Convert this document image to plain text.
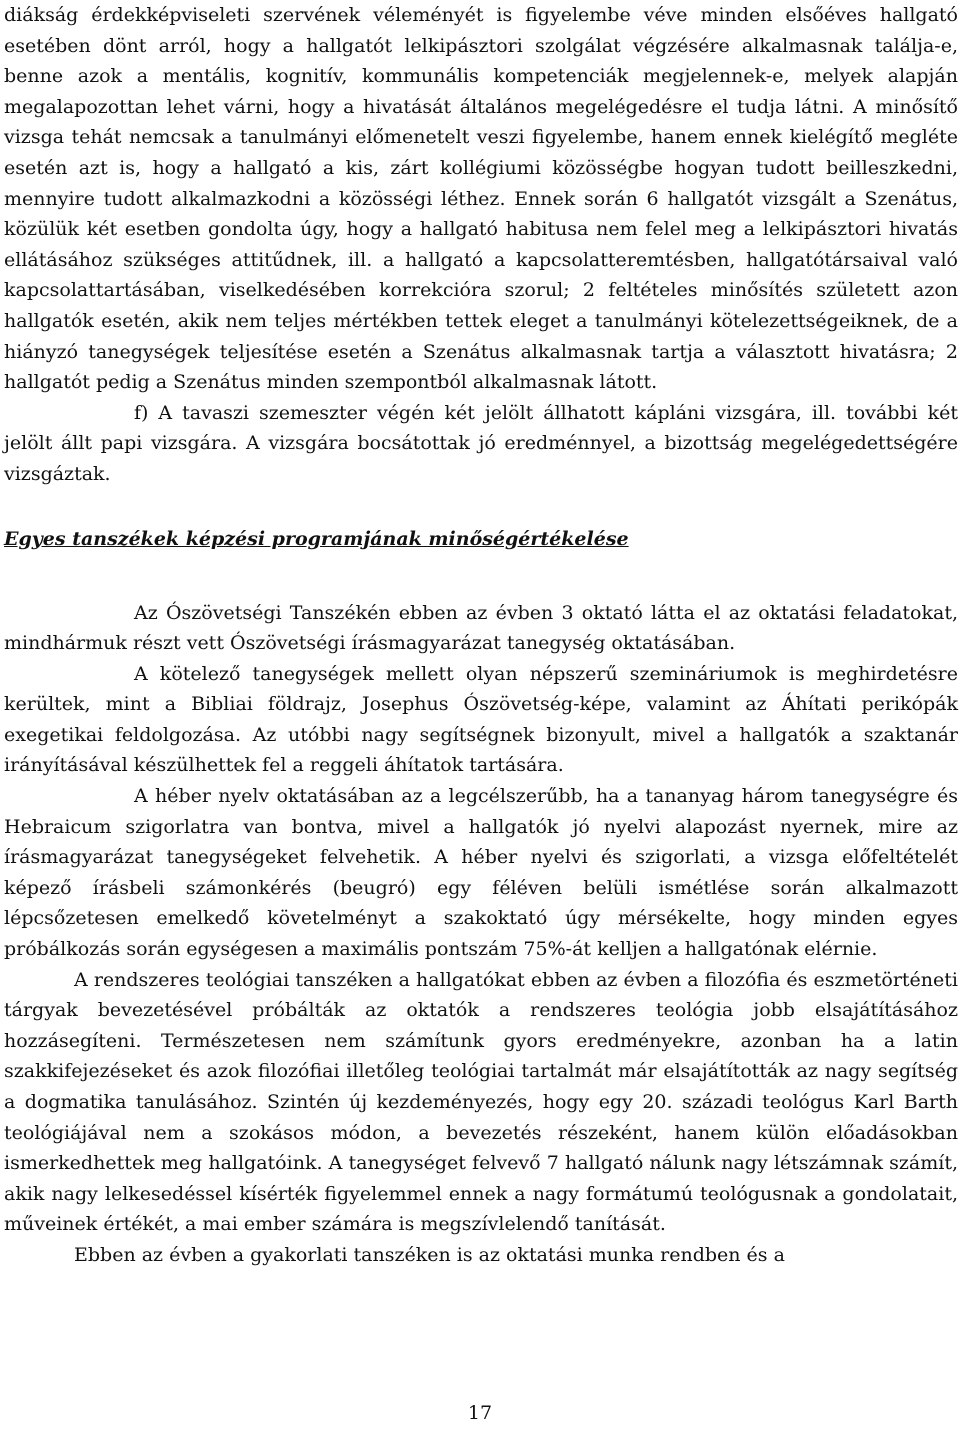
diákság érdekképviseleti szervének véleményét is figyelembe véve minden elsőéves hallgató esetében dönt arról, hogy a hallgatót lelkipásztori szolgálat végzésére alkalmasnak találja-e, benne azok a mentális, kognitív, kommunális kompetenciák megjelennek-e, melyek alapján megalapozottan lehet várni, hogy a hivatását általános megelégedésre el tudja látni. A minősítő vizsga tehát nemcsak a tanulmányi előmenetelt veszi figyelembe, hanem ennek kielégítő megléte esetén azt is, hogy a hallgató a kis, zárt kollégiumi közösségbe hogyan tudott beilleszkedni, mennyire tudott alkalmazkodni a közösségi léthez. Ennek során 6 hallgatót vizsgált a Szenátus, közülük két esetben gondolta úgy, hogy a hallgató habitusa nem felel meg a lelkipásztori hivatás ellátásához szükséges attitűdnek, ill. a hallgató a kapcsolatteremtésben, hallgatótársaival való kapcsolattartásában, viselkedésében korrekcióra szorul; 2 feltételes minősítés született azon hallgatók esetén, akik nem teljes mértékben tettek eleget a tanulmányi kötelezettségeiknek, de a hiányzó tanegységek teljesítése esetén a Szenátus alkalmasnak tartja a választott hivatásra; 2 hallgatót pedig a Szenátus minden szempontból alkalmasnak látott.

f) A tavaszi szemeszter végén két jelölt állhatott kápláni vizsgára, ill. további két jelölt állt papi vizsgára. A vizsgára bocsátottak jó eredménnyel, a bizottság megelégedettségére vizsgáztak.

Egyes tanszékek képzési programjának minőségértékelése

Az Ószövetségi Tanszékén ebben az évben 3 oktató látta el az oktatási feladatokat, mindhármuk részt vett Ószövetségi írásmagyarázat tanegység oktatásában.

A kötelező tanegységek mellett olyan népszerű szemináriumok is meghirdetésre kerültek, mint a Bibliai földrajz, Josephus Ószövetség-képe, valamint az Áhítati perikópák exegetikai feldolgozása. Az utóbbi nagy segítségnek bizonyult, mivel a hallgatók a szaktanár irányításával készülhettek fel a reggeli áhítatok tartására.

A héber nyelv oktatásában az a legcélszerűbb, ha a tananyag három tanegységre és Hebraicum szigorlatra van bontva, mivel a hallgatók jó nyelvi alapozást nyernek, mire az írásmagyarázat tanegységeket felvehetik. A héber nyelvi és szigorlati, a vizsga előfeltételét képező írásbeli számonkérés (beugró) egy féléven belüli ismétlése során alkalmazott lépcsőzetesen emelkedő követelményt a szakoktató úgy mérsékelte, hogy minden egyes próbálkozás során egységesen a maximális pontszám 75%-át kelljen a hallgatónak elérnie.

A rendszeres teológiai tanszéken a hallgatókat ebben az évben a filozófia és eszmetörténeti tárgyak bevezetésével próbálták az oktatók a rendszeres teológia jobb elsajátításához hozzásegíteni. Természetesen nem számítunk gyors eredményekre, azonban ha a latin szakkifejezéseket és azok filozófiai illetőleg teológiai tartalmát már elsajátították az nagy segítség a dogmatika tanulásához. Szintén új kezdeményezés, hogy egy 20. századi teológus Karl Barth teológiájával nem a szokásos módon, a bevezetés részeként, hanem külön előadásokban ismerkedhettek meg hallgatóink. A tanegységet felvevő 7 hallgató nálunk nagy létszámnak számít, akik nagy lelkesedéssel kísérték figyelemmel ennek a nagy formátumú teológusnak a gondolatait, műveinek értékét, a mai ember számára is megszívlelendő tanítását.

Ebben az évben a gyakorlati tanszéken is az oktatási munka rendben és a

17
